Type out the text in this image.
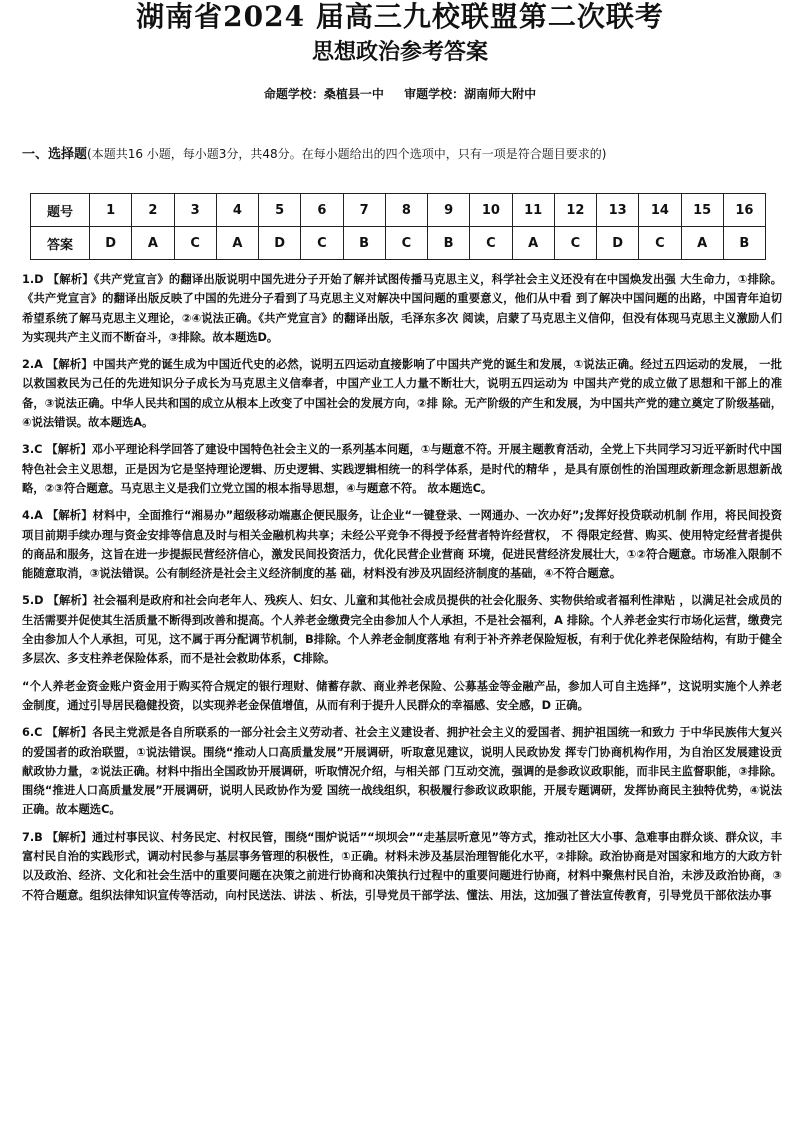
湖南省2024 届高三九校联盟第二次联考
思想政治参考答案
命题学校：桑植县一中 审题学校：湖南师大附中
一、选择题(本题共16 小题，每小题3分，共48分。在每小题给出的四个选项中，只有一项是符合题目要求的)
题号	1	2	3	4	5	6	7	8	9	10	11	12	13	14	15	16
答案	D	A	C	A	D	C	B	C	B	C	A	C	D	C	A	B

1.D 【解析】《共产党宣言》的翻译出版说明中国先进分子开始了解并试图传播马克思主义，科学社会主义还没有在中国焕发出强 大生命力，①排除。《共产党宣言》的翻译出版反映了中国的先进分子看到了马克思主义对解决中国问题的重要意义，他们从中看 到了解决中国问题的出路，中国青年迫切希望系统了解马克思主义理论，②④说法正确。《共产党宣言》的翻译出版，毛泽东多次 阅读，启蒙了马克思主义信仰，但没有体现马克思主义激励人们为实现共产主义而不断奋斗，③排除。故本题选D。

2.A 【解析】中国共产党的诞生成为中国近代史的必然，说明五四运动直接影响了中国共产党的诞生和发展，①说法正确。经过五四运动的发展， 一批以救国救民为己任的先进知识分子成长为马克思主义信奉者，中国产业工人力量不断壮大，说明五四运动为 中国共产党的成立做了思想和干部上的准备，③说法正确。中华人民共和国的成立从根本上改变了中国社会的发展方向，②排 除。无产阶级的产生和发展，为中国共产党的建立奠定了阶级基础，④说法错误。故本题选A。

3.C 【解析】邓小平理论科学回答了建设中国特色社会主义的一系列基本问题，①与题意不符。开展主题教育活动，全党上下共同学习习近平新时代中国特色社会主义思想，正是因为它是坚持理论逻辑、历史逻辑、实践逻辑相统一的科学体系，是时代的精华 ，是具有原创性的治国理政新理念新思想新战略，②③符合题意。马克思主义是我们立党立国的根本指导思想，④与题意不符。 故本题选C。

4.A 【解析】材料中，全面推行“湘易办”超级移动端惠企便民服务，让企业“一键登录、一网通办、一次办好”;发挥好投贷联动机制 作用，将民间投资项目前期手续办理与资金安排等信息及时与相关金融机构共享；未经公平竞争不得授予经营者特许经营权， 不 得限定经营、购买、使用特定经营者提供的商品和服务，这旨在进一步提振民营经济信心，激发民间投资活力，优化民营企业营商 环境，促进民营经济发展壮大，①②符合题意。市场准入限制不能随意取消，③说法错误。公有制经济是社会主义经济制度的基 础，材料没有涉及巩固经济制度的基础，④不符合题意。

5.D 【解析】社会福利是政府和社会向老年人、残疾人、妇女、儿童和其他社会成员提供的社会化服务、实物供给或者福利性津贴 ，以满足社会成员的生活需要并促使其生活质量不断得到改善和提高。个人养老金缴费完全由参加人个人承担，不是社会福利，A 排除。个人养老金实行市场化运营，缴费完全由参加人个人承担，可见，这不属于再分配调节机制，B排除。个人养老金制度落地 有利于补齐养老保险短板，有利于优化养老保险结构，有助于健全多层次、多支柱养老保险体系，而不是社会救助体系，C排除。

“个人养老金资金账户资金用于购买符合规定的银行理财、储蓄存款、商业养老保险、公募基金等金融产品，参加人可自主选择”，这说明实施个人养老金制度，通过引导居民稳健投资，以实现养老金保值增值，从而有利于提升人民群众的幸福感、安全感，D 正确。

6.C 【解析】各民主党派是各自所联系的一部分社会主义劳动者、社会主义建设者、拥护社会主义的爱国者、拥护祖国统一和致力 于中华民族伟大复兴的爱国者的政治联盟，①说法错误。围绕“推动人口高质量发展”开展调研，听取意见建议，说明人民政协发 挥专门协商机构作用，为自治区发展建设贡献政协力量，②说法正确。材料中指出全国政协开展调研，听取情况介绍，与相关部 门互动交流，强调的是参政议政职能，而非民主监督职能，③排除。围绕“推进人口高质量发展”开展调研，说明人民政协作为爱 国统一战线组织，积极履行参政议政职能，开展专题调研，发挥协商民主独特优势，④说法正确。故本题选C。

7.B 【解析】通过村事民议、村务民定、村权民管，围绕“围炉说话”“坝坝会”“走基层听意见”等方式，推动社区大小事、急难事由群众谈、群众议，丰富村民自治的实践形式，调动村民参与基层事务管理的积极性，①正确。材料未涉及基层治理智能化水平，②排除。政治协商是对国家和地方的大政方针以及政治、经济、文化和社会生活中的重要问题在决策之前进行协商和决策执行过程中的重要问题进行协商，材料中聚焦村民自治，未涉及政治协商，③不符合题意。组织法律知识宣传等活动，向村民送法、讲法 、析法，引导党员干部学法、懂法、用法，这加强了普法宣传教育，引导党员干部依法办事
